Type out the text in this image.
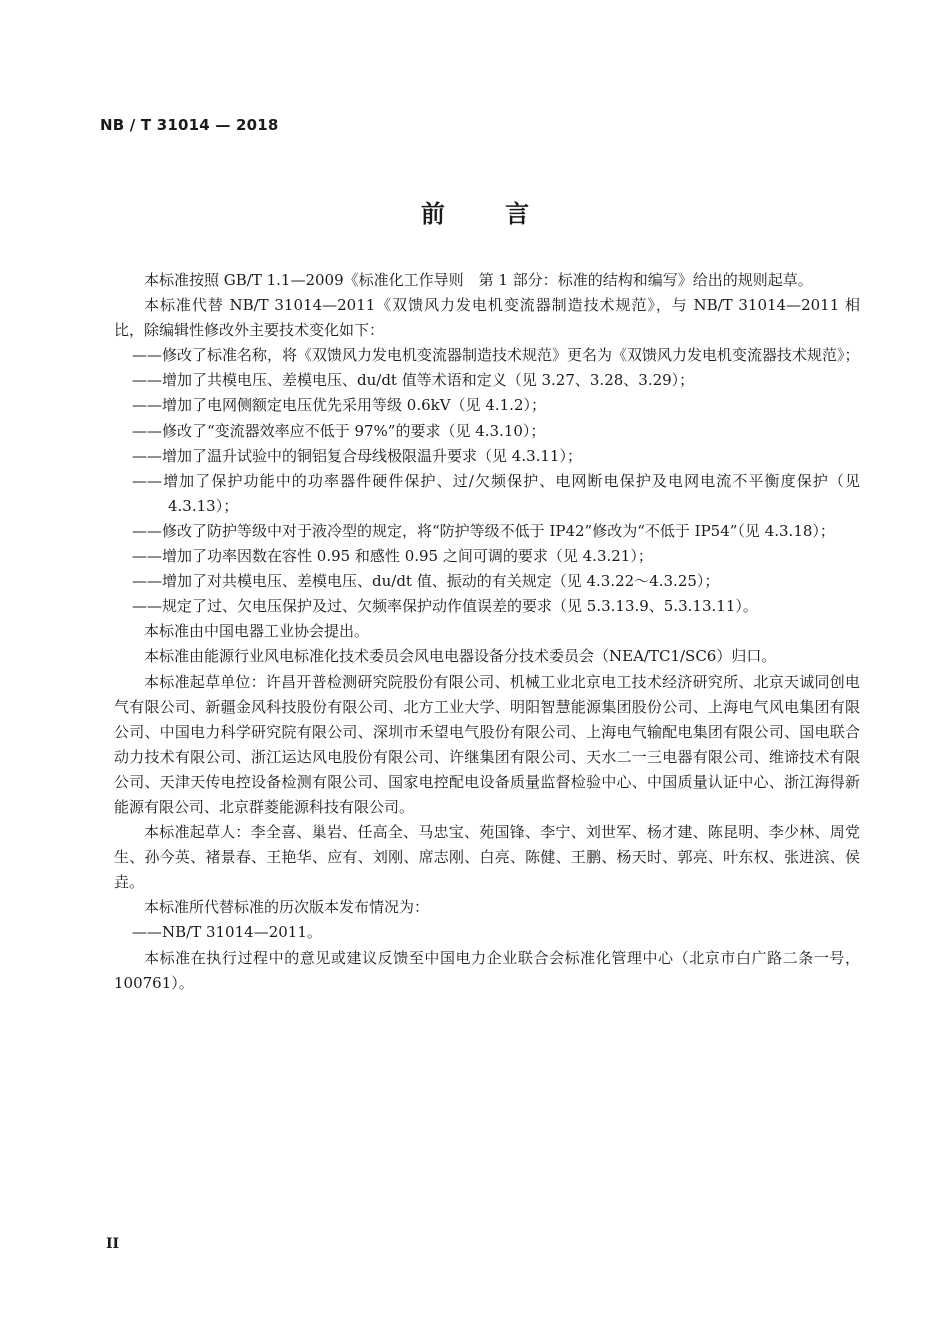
NB / T 31014 — 2018
前 言

本标准按照 GB/T 1.1—2009《标准化工作导则　第 1 部分：标准的结构和编写》给出的规则起草。

本标准代替 NB/T 31014—2011《双馈风力发电机变流器制造技术规范》，与 NB/T 31014—2011 相比，除编辑性修改外主要技术变化如下：

——修改了标准名称，将《双馈风力发电机变流器制造技术规范》更名为《双馈风力发电机变流器技术规范》；

——增加了共模电压、差模电压、du/dt 值等术语和定义（见 3.27、3.28、3.29）；

——增加了电网侧额定电压优先采用等级 0.6kV（见 4.1.2）；

——修改了“变流器效率应不低于 97%”的要求（见 4.3.10）；

——增加了温升试验中的铜铝复合母线极限温升要求（见 4.3.11）；

——增加了保护功能中的功率器件硬件保护、过/欠频保护、电网断电保护及电网电流不平衡度保护（见 4.3.13）；

——修改了防护等级中对于液冷型的规定，将“防护等级不低于 IP42”修改为“不低于 IP54”（见 4.3.18）；

——增加了功率因数在容性 0.95 和感性 0.95 之间可调的要求（见 4.3.21）；

——增加了对共模电压、差模电压、du/dt 值、振动的有关规定（见 4.3.22～4.3.25）；

——规定了过、欠电压保护及过、欠频率保护动作值误差的要求（见 5.3.13.9、5.3.13.11）。

本标准由中国电器工业协会提出。

本标准由能源行业风电标准化技术委员会风电电器设备分技术委员会（NEA/TC1/SC6）归口。

本标准起草单位：许昌开普检测研究院股份有限公司、机械工业北京电工技术经济研究所、北京天诚同创电气有限公司、新疆金风科技股份有限公司、北方工业大学、明阳智慧能源集团股份公司、上海电气风电集团有限公司、中国电力科学研究院有限公司、深圳市禾望电气股份有限公司、上海电气输配电集团有限公司、国电联合动力技术有限公司、浙江运达风电股份有限公司、许继集团有限公司、天水二一三电器有限公司、维谛技术有限公司、天津天传电控设备检测有限公司、国家电控配电设备质量监督检验中心、中国质量认证中心、浙江海得新能源有限公司、北京群菱能源科技有限公司。

本标准起草人：李全喜、巢岩、任高全、马忠宝、苑国锋、李宁、刘世军、杨才建、陈昆明、李少林、周党生、孙今英、褚景春、王艳华、应有、刘刚、席志刚、白亮、陈健、王鹏、杨天时、郭亮、叶东权、张进滨、侯垚。

本标准所代替标准的历次版本发布情况为：

——NB/T 31014—2011。

本标准在执行过程中的意见或建议反馈至中国电力企业联合会标准化管理中心（北京市白广路二条一号，100761）。

II
